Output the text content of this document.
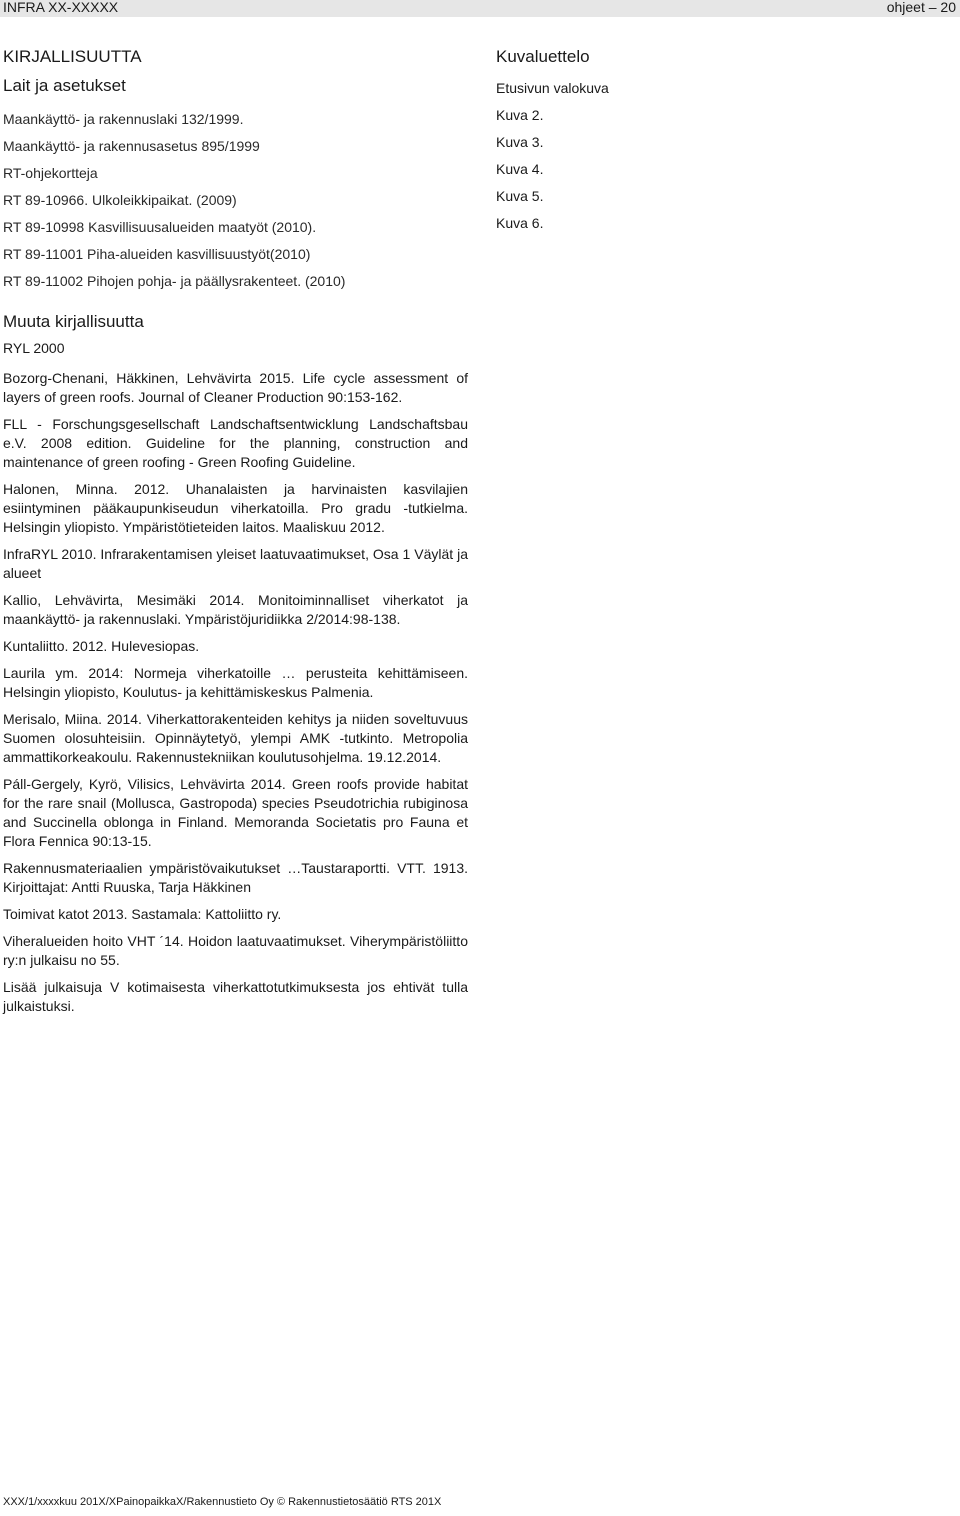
INFRA XX-XXXXX	ohjeet – 20
KIRJALLISUUTTA
Lait ja asetukset
Maankäyttö- ja rakennuslaki 132/1999.
Maankäyttö- ja rakennusasetus 895/1999
RT-ohjekortteja
RT 89-10966. Ulkoleikkipaikat. (2009)
RT 89-10998 Kasvillisuusalueiden maatyöt (2010).
RT 89-11001 Piha-alueiden kasvillisuustyöt(2010)
RT 89-11002 Pihojen pohja- ja päällysrakenteet. (2010)
Muuta kirjallisuutta

RYL 2000

Bozorg-Chenani, Häkkinen, Lehvävirta 2015. Life cycle assessment of layers of green roofs. Journal of Cleaner Production 90:153-162.

FLL - Forschungsgesellschaft Landschaftsentwicklung Landschaftsbau e.V. 2008 edition. Guideline for the planning, construction and maintenance of green roofing - Green Roofing Guideline.

Halonen, Minna. 2012. Uhanalaisten ja harvinaisten kasvilajien esiintyminen pääkaupunkiseudun viherkatoilla. Pro gradu -tutkielma. Helsingin yliopisto. Ympäristötieteiden laitos. Maaliskuu 2012.

InfraRYL 2010. Infrarakentamisen yleiset laatuvaatimukset, Osa 1 Väylät ja alueet

Kallio, Lehvävirta, Mesimäki 2014. Monitoiminnalliset viherkatot ja maankäyttö- ja rakennuslaki. Ympäristöjuridiikka 2/2014:98-138.

Kuntaliitto. 2012. Hulevesiopas.

Laurila ym. 2014: Normeja viherkatoille … perusteita kehittämiseen. Helsingin yliopisto, Koulutus- ja kehittämiskeskus Palmenia.

Merisalo, Miina. 2014. Viherkattorakenteiden kehitys ja niiden soveltuvuus Suomen olosuhteisiin. Opinnäytetyö, ylempi AMK -tutkinto. Metropolia ammattikorkeakoulu. Rakennustekniikan koulutusohjelma. 19.12.2014.

Páll-Gergely, Kyrö, Vilisics, Lehvävirta 2014. Green roofs provide habitat for the rare snail (Mollusca, Gastropoda) species Pseudotrichia rubiginosa and Succinella oblonga in Finland. Memoranda Societatis pro Fauna et Flora Fennica 90:13-15.

Rakennusmateriaalien ympäristövaikutukset …Taustaraportti. VTT. 1913. Kirjoittajat: Antti Ruuska, Tarja Häkkinen

Toimivat katot 2013. Sastamala: Kattoliitto ry.

Viheralueiden hoito VHT ´14. Hoidon laatuvaatimukset. Viherympäristöliitto ry:n julkaisu no 55.

Lisää julkaisuja V kotimaisesta viherkattotutkimuksesta jos ehtivät tulla julkaistuksi.

Kuvaluettelo
Etusivun valokuva
Kuva 2.
Kuva 3.
Kuva 4.
Kuva 5.
Kuva 6.
XXX/1/xxxxkuu 201X/XPainopaikkaX/Rakennustieto Oy © Rakennustietosäätiö RTS 201X
